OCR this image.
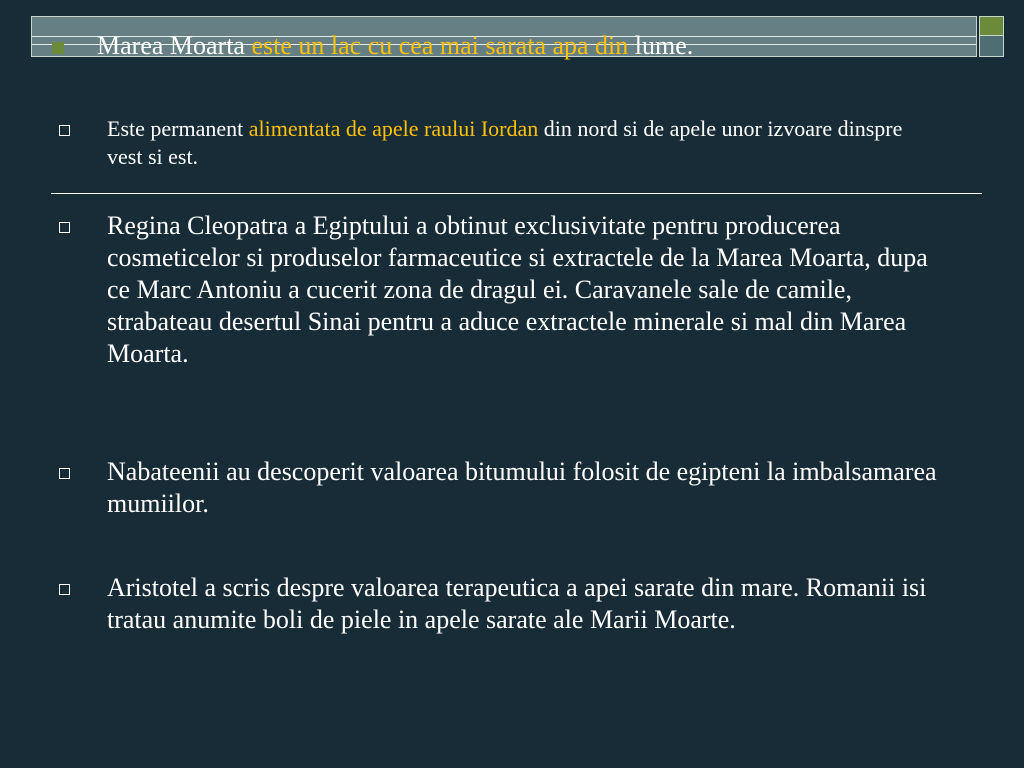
Marea Moarta este un lac cu cea mai sarata apa din lume.
Este permanent alimentata de apele raului Iordan din nord si de apele unor izvoare dinspre vest si est.
Regina Cleopatra a Egiptului a obtinut exclusivitate pentru producerea cosmeticelor si produselor farmaceutice si extractele de la Marea Moarta, dupa ce Marc Antoniu a cucerit zona de dragul ei. Caravanele sale de camile, strabateau desertul Sinai pentru a aduce extractele minerale si mal din Marea Moarta.
Nabateenii au descoperit valoarea bitumului folosit de egipteni la imbalsamarea mumiilor.
Aristotel a scris despre valoarea terapeutica a apei sarate din mare. Romanii isi tratau anumite boli de piele in apele sarate ale Marii Moarte.
